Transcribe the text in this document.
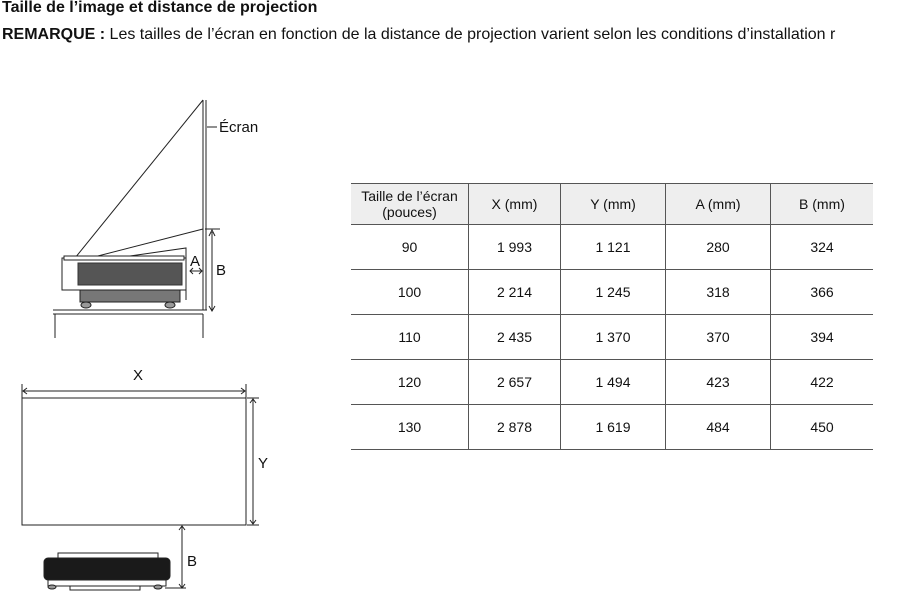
Taille de l’image et distance de projection
REMARQUE : Les tailles de l’écran en fonction de la distance de projection varient selon les conditions d’installation r
Écran
A
B
X
Y
B
Taille de l’écran
(pouces)	X (mm)	Y (mm)	A (mm)	B (mm)
90	1 993	1 121	280	324
100	2 214	1 245	318	366
110	2 435	1 370	370	394
120	2 657	1 494	423	422
130	2 878	1 619	484	450
